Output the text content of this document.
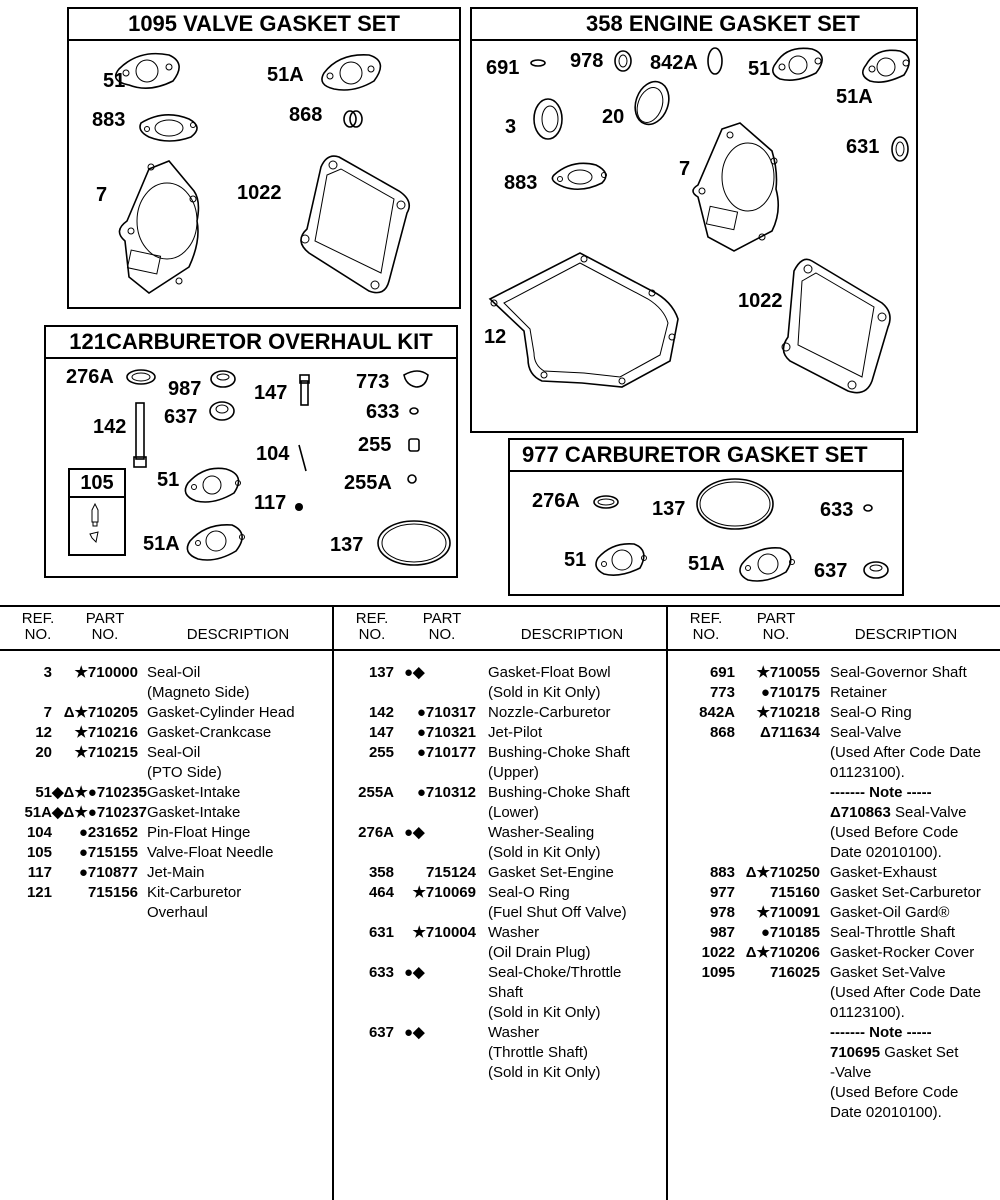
1095 VALVE GASKET SET
51	51A
883	868
7	1022
358 ENGINE GASKET SET
691	978 842A	51
51A
3	20
631
883
7
12
1022
121CARBURETOR OVERHAUL KIT
276A
987	147	773
142 637	633
104	255
51	255A
117
51A	137
105
977 CARBURETOR GASKET SET
276A	137	633
51	51A	637
REF.
NO.
PART
NO.	DESCRIPTION
3	★710000 Seal-Oil
(Magneto Side)
7 Δ★710205 Gasket-Cylinder Head
12	★710216 Gasket-Crankcase
20	★710215 Seal-Oil
(PTO Side)
51 ◆Δ★●710235 Gasket-Intake
51A ◆Δ★●710237 Gasket-Intake
104	●231652 Pin-Float Hinge
105	●715155 Valve-Float Needle
117	●710877 Jet-Main
121	715156 Kit-Carburetor
Overhaul
REF.
NO.
PART
NO.	DESCRIPTION
137 ●◆	Gasket-Float Bowl
(Sold in Kit Only)
142	●710317 Nozzle-Carburetor
147	●710321 Jet-Pilot
255	●710177 Bushing-Choke Shaft
(Upper)
255A	●710312 Bushing-Choke Shaft
(Lower)
276A ●◆	Washer-Sealing
(Sold in Kit Only)
358	715124 Gasket Set-Engine
464	★710069 Seal-O Ring
(Fuel Shut Off Valve)
631	★710004 Washer
(Oil Drain Plug)
633 ●◆	Seal-Choke/Throttle
Shaft
(Sold in Kit Only)
637 ●◆	Washer
(Throttle Shaft)
(Sold in Kit Only)
REF.
NO.
PART
NO.	DESCRIPTION
691	★710055 Seal-Governor Shaft
773	●710175 Retainer
842A	★710218 Seal-O Ring
868	Δ711634 Seal-Valve
(Used After Code Date
01123100).
------- Note -----
Δ710863 Seal-Valve
(Used Before Code
Date 02010100).
883 Δ★710250 Gasket-Exhaust
977	715160 Gasket Set-Carburetor
978	★710091 Gasket-Oil Gard®
987	●710185 Seal-Throttle Shaft
1022 Δ★710206 Gasket-Rocker Cover
1095	716025 Gasket Set-Valve
(Used After Code Date
01123100).
------- Note -----
710695 Gasket Set
-Valve
(Used Before Code
Date 02010100).
